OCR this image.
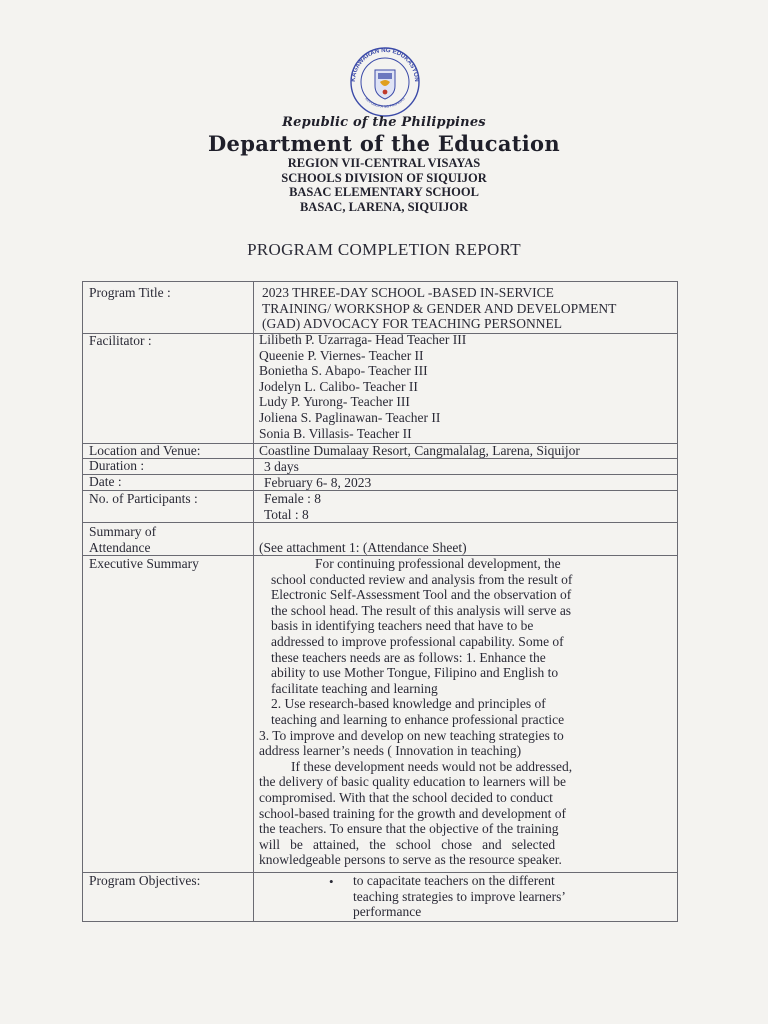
KAGAWARAN NG EDUKASYON
REPUBLIKA NG PILIPINAS
Republic of the Philippines
Department of the Education
REGION VII-CENTRAL VISAYAS
SCHOOLS DIVISION OF SIQUIJOR
BASAC ELEMENTARY SCHOOL
BASAC, LARENA, SIQUIJOR
PROGRAM COMPLETION REPORT
Program Title :	2023 THREE-DAY SCHOOL -BASED IN-SERVICE
TRAINING/ WORKSHOP & GENDER AND DEVELOPMENT
(GAD) ADVOCACY FOR TEACHING PERSONNEL
Facilitator :	Lilibeth P. Uzarraga- Head Teacher III
Queenie P. Viernes- Teacher II
Bonietha S. Abapo- Teacher III
Jodelyn L. Calibo- Teacher II
Ludy P. Yurong- Teacher III
Joliena S. Paglinawan- Teacher II
Sonia B. Villasis- Teacher II
Location and Venue:	Coastline Dumalaay Resort, Cangmalalag, Larena, Siquijor
Duration :	3 days
Date :	February 6- 8, 2023
No. of Participants :	Female : 8
Total : 8
Summary of
Attendance	(See attachment 1: (Attendance Sheet)
Executive Summary	For continuing professional development, the
school conducted review and analysis from the result of
Electronic Self-Assessment Tool and the observation of
the school head. The result of this analysis will serve as
basis in identifying teachers need that have to be
addressed to improve professional capability. Some of
these teachers needs are as follows: 1. Enhance the
ability to use Mother Tongue, Filipino and English to
facilitate teaching and learning
2. Use research-based knowledge and principles of
teaching and learning to enhance professional practice
3. To improve and develop on new teaching strategies to
address learner’s needs ( Innovation in teaching)
If these development needs would not be addressed,
the delivery of basic quality education to learners will be
compromised. With that the school decided to conduct
school-based training for the growth and development of
the teachers. To ensure that the objective of the training
will   be   attained,   the   school   chose   and   selected
knowledgeable persons to serve as the resource speaker.
Program Objectives:	• to capacitate teachers on the different
teaching strategies to improve learners’
performance
